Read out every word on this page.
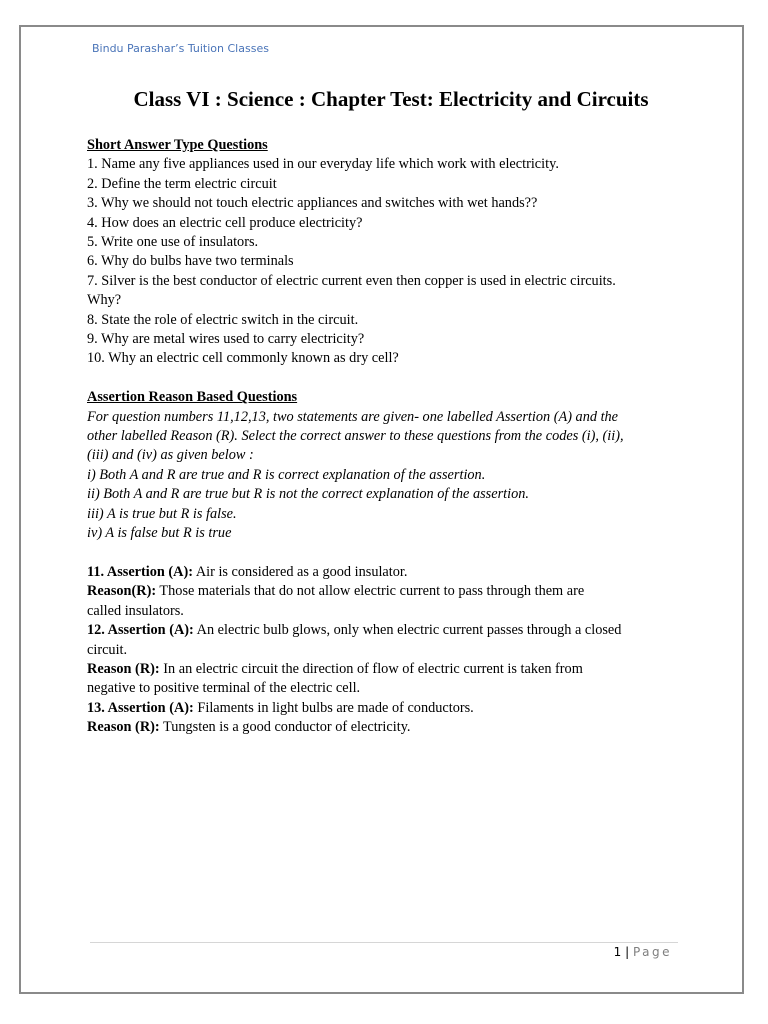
Bindu Parashar’s Tuition Classes
Class VI : Science : Chapter Test: Electricity and Circuits
Short Answer Type Questions
1. Name any five appliances used in our everyday life which work with electricity.
2. Define the term electric circuit
3. Why we should not touch electric appliances and switches with wet hands??
4. How does an electric cell produce electricity?
5. Write one use of insulators.
6. Why do bulbs have two terminals
7. Silver is the best conductor of electric current even then copper is used in electric circuits.
Why?
8. State the role of electric switch in the circuit.
9. Why are metal wires used to carry electricity?
10. Why an electric cell commonly known as dry cell?
Assertion Reason Based Questions
For question numbers 11,12,13, two statements are given- one labelled Assertion (A) and the
other labelled Reason (R). Select the correct answer to these questions from the codes (i), (ii),
(iii) and (iv) as given below :
i) Both A and R are true and R is correct explanation of the assertion.
ii) Both A and R are true but R is not the correct explanation of the assertion.
iii) A is true but R is false.
iv) A is false but R is true
11. Assertion (A): Air is considered as a good insulator.
Reason(R): Those materials that do not allow electric current to pass through them are
called insulators.
12. Assertion (A): An electric bulb glows, only when electric current passes through a closed
circuit.
Reason (R): In an electric circuit the direction of flow of electric current is taken from
negative to positive terminal of the electric cell.
13. Assertion (A): Filaments in light bulbs are made of conductors.
Reason (R): Tungsten is a good conductor of electricity.
1 | Page
